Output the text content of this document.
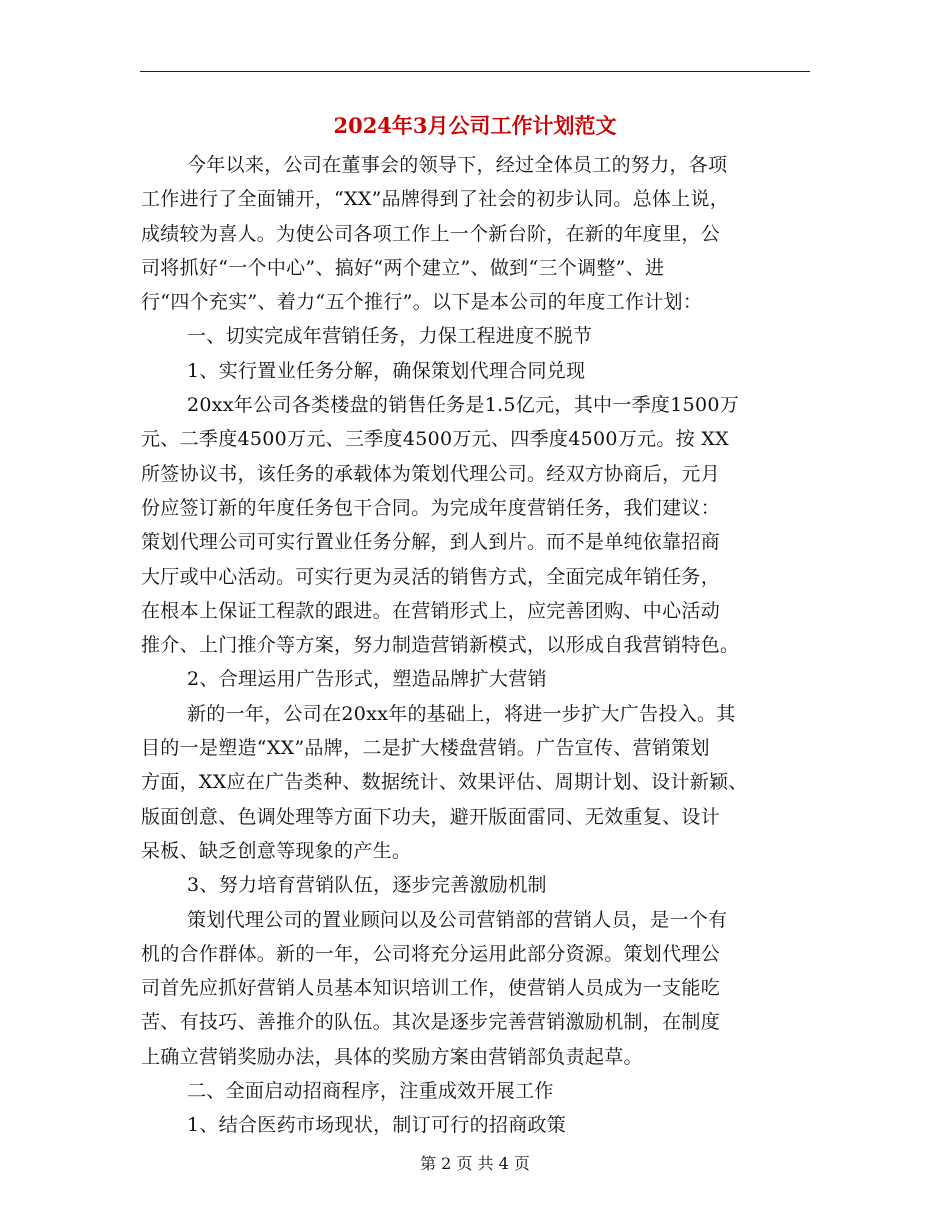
2024年3月公司工作计划范文
今年以来，公司在董事会的领导下，经过全体员工的努力，各项
工作进行了全面铺开，“XX”品牌得到了社会的初步认同。总体上说，
成绩较为喜人。为使公司各项工作上一个新台阶，在新的年度里，公
司将抓好“一个中心”、搞好“两个建立”、做到“三个调整”、进
行“四个充实”、着力“五个推行”。以下是本公司的年度工作计划：
一、切实完成年营销任务，力保工程进度不脱节
1、实行置业任务分解，确保策划代理合同兑现
20xx年公司各类楼盘的销售任务是1.5亿元，其中一季度1500万
元、二季度4500万元、三季度4500万元、四季度4500万元。按 XX
所签协议书，该任务的承载体为策划代理公司。经双方协商后，元月
份应签订新的年度任务包干合同。为完成年度营销任务，我们建议：
策划代理公司可实行置业任务分解，到人到片。而不是单纯依靠招商
大厅或中心活动。可实行更为灵活的销售方式，全面完成年销任务，
在根本上保证工程款的跟进。在营销形式上，应完善团购、中心活动
推介、上门推介等方案，努力制造营销新模式，以形成自我营销特色。
2、合理运用广告形式，塑造品牌扩大营销
新的一年，公司在20xx年的基础上，将进一步扩大广告投入。其
目的一是塑造“XX”品牌，二是扩大楼盘营销。广告宣传、营销策划
方面，XX应在广告类种、数据统计、效果评估、周期计划、设计新颖、
版面创意、色调处理等方面下功夫，避开版面雷同、无效重复、设计
呆板、缺乏创意等现象的产生。
3、努力培育营销队伍，逐步完善激励机制
策划代理公司的置业顾问以及公司营销部的营销人员，是一个有
机的合作群体。新的一年，公司将充分运用此部分资源。策划代理公
司首先应抓好营销人员基本知识培训工作，使营销人员成为一支能吃
苦、有技巧、善推介的队伍。其次是逐步完善营销激励机制，在制度
上确立营销奖励办法，具体的奖励方案由营销部负责起草。
二、全面启动招商程序，注重成效开展工作
1、结合医药市场现状，制订可行的招商政策
第 2 页 共 4 页
